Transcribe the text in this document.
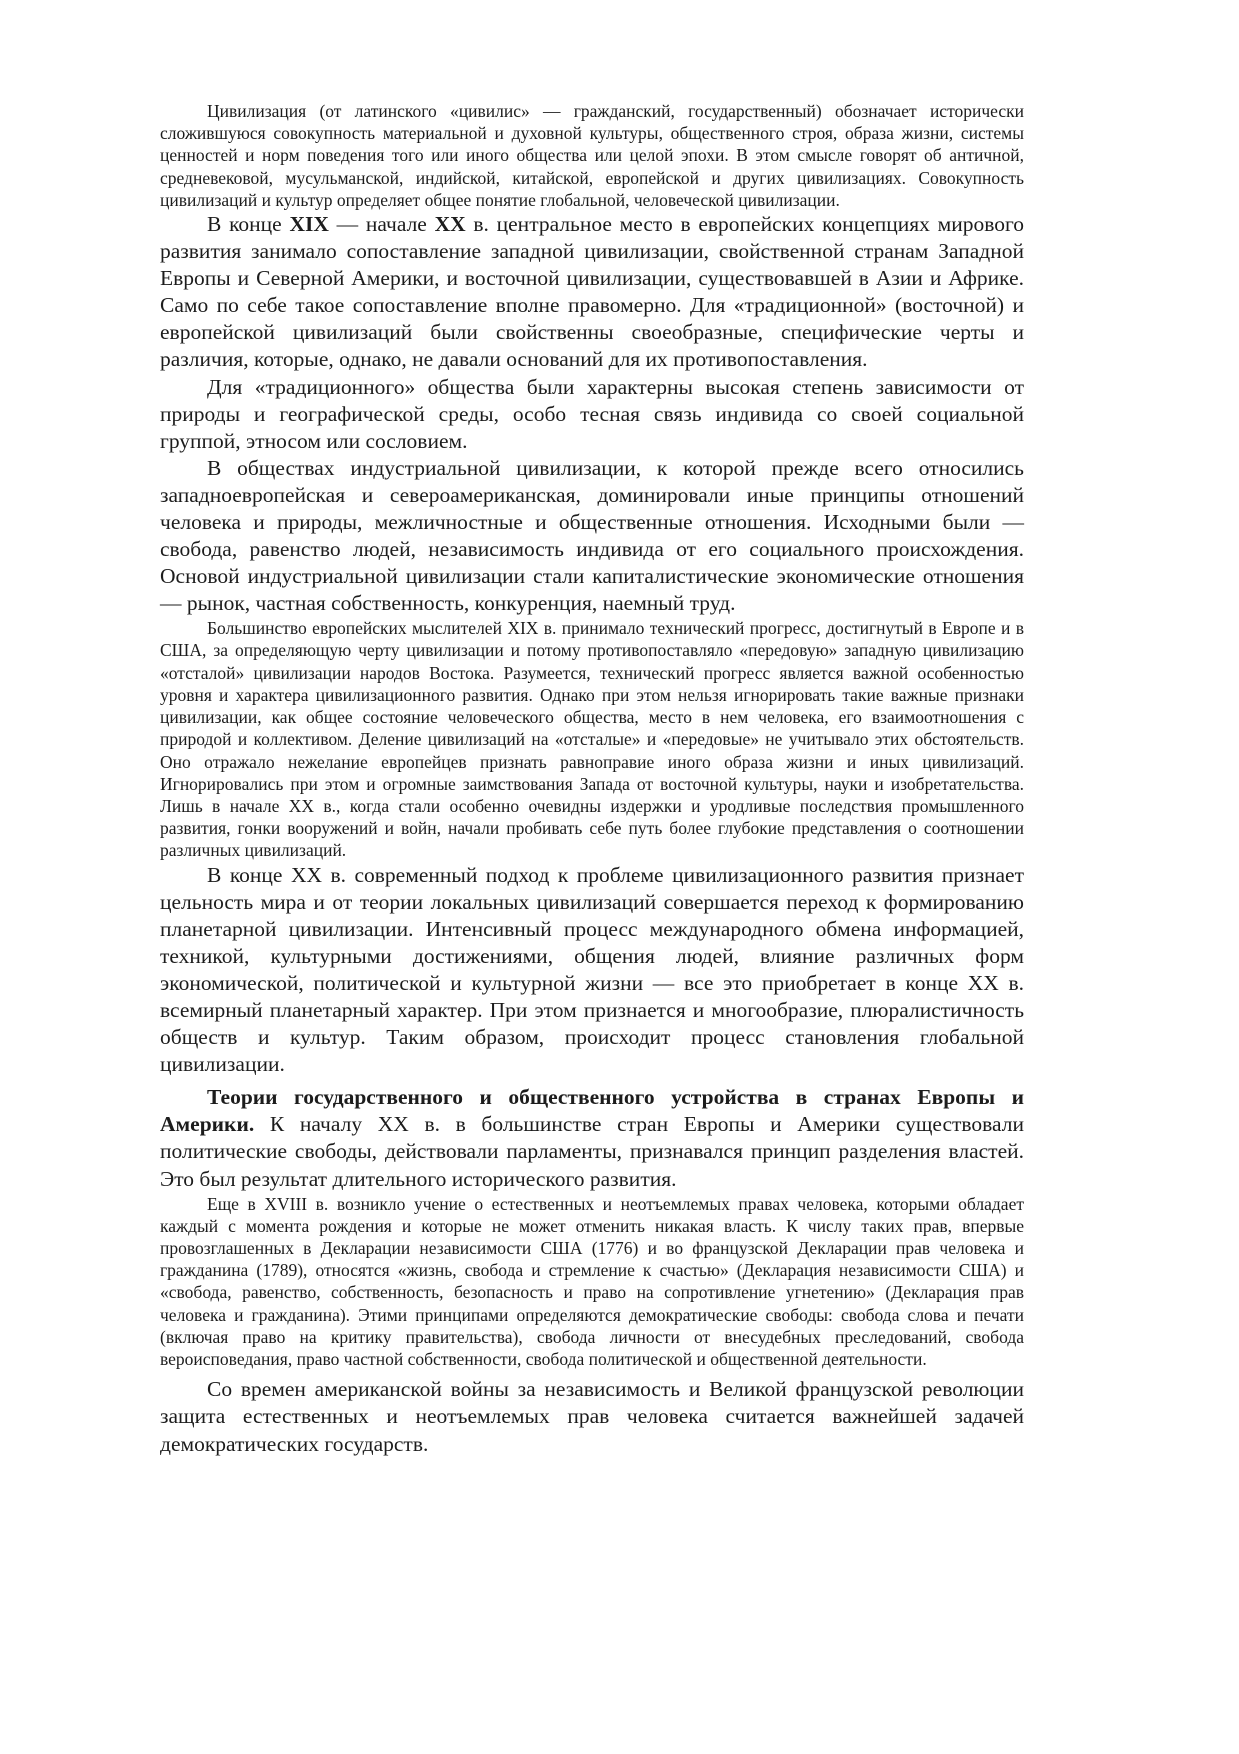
Цивилизация (от латинского «цивилис» — гражданский, государственный) обозначает исторически сложившуюся совокупность материальной и духовной культуры, общественного строя, образа жизни, системы ценностей и норм поведения того или иного общества или целой эпохи. В этом смысле говорят об античной, средневековой, мусульманской, индийской, китайской, европейской и других цивилизациях. Совокупность цивилизаций и культур определяет общее понятие глобальной, человеческой цивилизации.

В конце XIX — начале XX в. центральное место в европейских концепциях мирового развития занимало сопоставление западной цивилизации, свойственной странам Западной Европы и Северной Америки, и восточной цивилизации, существовавшей в Азии и Африке. Само по себе такое сопоставление вполне правомерно. Для «традиционной» (восточной) и европейской цивилизаций были свойственны своеобразные, специфические черты и различия, которые, однако, не давали оснований для их противопоставления.

Для «традиционного» общества были характерны высокая степень зависимости от природы и географической среды, особо тесная связь индивида со своей социальной группой, этносом или сословием.

В обществах индустриальной цивилизации, к которой прежде всего относились западноевропейская и североамериканская, доминировали иные принципы отношений человека и природы, межличностные и общественные отношения. Исходными были — свобода, равенство людей, независимость индивида от его социального происхождения. Основой индустриальной цивилизации стали капиталистические экономические отношения — рынок, частная собственность, конкуренция, наемный труд.

Большинство европейских мыслителей XIX в. принимало технический прогресс, достигнутый в Европе и в США, за определяющую черту цивилизации и потому противопоставляло «передовую» западную цивилизацию «отсталой» цивилизации народов Востока. Разумеется, технический прогресс является важной особенностью уровня и характера цивилизационного развития. Однако при этом нельзя игнорировать такие важные признаки цивилизации, как общее состояние человеческого общества, место в нем человека, его взаимоотношения с природой и коллективом. Деление цивилизаций на «отсталые» и «передовые» не учитывало этих обстоятельств. Оно отражало нежелание европейцев признать равноправие иного образа жизни и иных цивилизаций. Игнорировались при этом и огромные заимствования Запада от восточной культуры, науки и изобретательства. Лишь в начале XX в., когда стали особенно очевидны издержки и уродливые последствия промышленного развития, гонки вооружений и войн, начали пробивать себе путь более глубокие представления о соотношении различных цивилизаций.

В конце XX в. современный подход к проблеме цивилизационного развития признает цельность мира и от теории локальных цивилизаций совершается переход к формированию планетарной цивилизации. Интенсивный процесс международного обмена информацией, техникой, культурными достижениями, общения людей, влияние различных форм экономической, политической и культурной жизни — все это приобретает в конце XX в. всемирный планетарный характер. При этом признается и многообразие, плюралистичность обществ и культур. Таким образом, происходит процесс становления глобальной цивилизации.

Теории государственного и общественного устройства в странах Европы и Америки. К началу XX в. в большинстве стран Европы и Америки существовали политические свободы, действовали парламенты, признавался принцип разделения властей. Это был результат длительного исторического развития.

Еще в XVIII в. возникло учение о естественных и неотъемлемых правах человека, которыми обладает каждый с момента рождения и которые не может отменить никакая власть. К числу таких прав, впервые провозглашенных в Декларации независимости США (1776) и во французской Декларации прав человека и гражданина (1789), относятся «жизнь, свобода и стремление к счастью» (Декларация независимости США) и «свобода, равенство, собственность, безопасность и право на сопротивление угнетению» (Декларация прав человека и гражданина). Этими принципами определяются демократические свободы: свобода слова и печати (включая право на критику правительства), свобода личности от внесудебных преследований, свобода вероисповедания, право частной собственности, свобода политической и общественной деятельности.

Со времен американской войны за независимость и Великой французской революции защита естественных и неотъемлемых прав человека считается важнейшей задачей демократических государств.
